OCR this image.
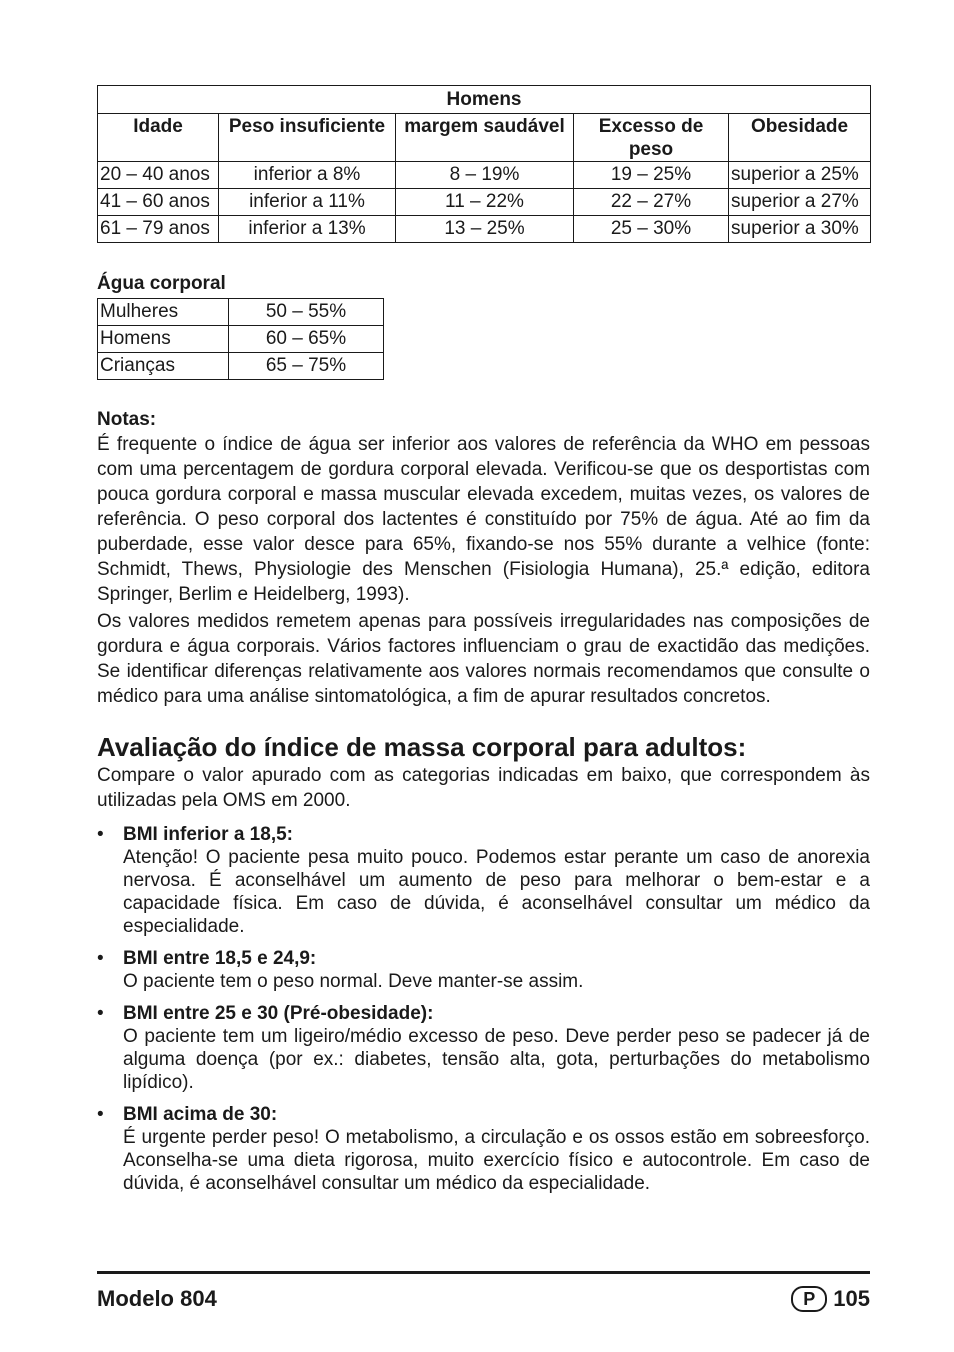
Homens				
Idade	Peso insuficiente	margem saudável	Excesso de peso	Obesidade
20 – 40 anos	inferior a 8%	8 – 19%	19 – 25%	superior a 25%
41 – 60 anos	inferior a 11%	11 – 22%	22 – 27%	superior a 27%
61 – 79 anos	inferior a 13%	13 – 25%	25 – 30%	superior a 30%
Água corporal
Mulheres	50 – 55%
Homens	60 – 65%
Crianças	65 – 75%
Notas:

É frequente o índice de água ser inferior aos valores de referência da WHO em pessoas com uma percentagem de gordura corporal elevada. Verificou-se que os desportistas com pouca gordura corporal e massa muscular elevada excedem, muitas vezes, os valores de referência. O peso corporal dos lactentes é constituído por 75% de água. Até ao fim da puberdade, esse valor desce para 65%, fixando-se nos 55% durante a velhice (fonte: Schmidt, Thews, Physiologie des Menschen (Fisiologia Humana), 25.ª edição, editora Springer, Berlim e Heidelberg, 1993).

Os valores medidos remetem apenas para possíveis irregularidades nas composições de gordura e água corporais. Vários factores influenciam o grau de exactidão das medições. Se identificar diferenças relativamente aos valores normais recomendamos que consulte o médico para uma análise sintomatológica, a fim de apurar resultados concretos.

Avaliação do índice de massa corporal para adultos:

Compare o valor apurado com as categorias indicadas em baixo, que correspondem às utilizadas pela OMS em 2000.

• BMI inferior a 18,5:
Atenção! O paciente pesa muito pouco. Podemos estar perante um caso de anorexia nervosa. É aconselhável um aumento de peso para melhorar o bem-estar e a capacidade física. Em caso de dúvida, é aconselhável consultar um médico da especialidade.
• BMI entre 18,5 e 24,9:
O paciente tem o peso normal. Deve manter-se assim.
• BMI entre 25 e 30 (Pré-obesidade):
O paciente tem um ligeiro/médio excesso de peso. Deve perder peso se padecer já de alguma doença (por ex.: diabetes, tensão alta, gota, perturbações do metabolismo lipídico).
• BMI acima de 30:
É urgente perder peso! O metabolismo, a circulação e os ossos estão em sobreesforço. Aconselha-se uma dieta rigorosa, muito exercício físico e autocontrole. Em caso de dúvida, é aconselhável consultar um médico da especialidade.
Modelo 804	P 105
